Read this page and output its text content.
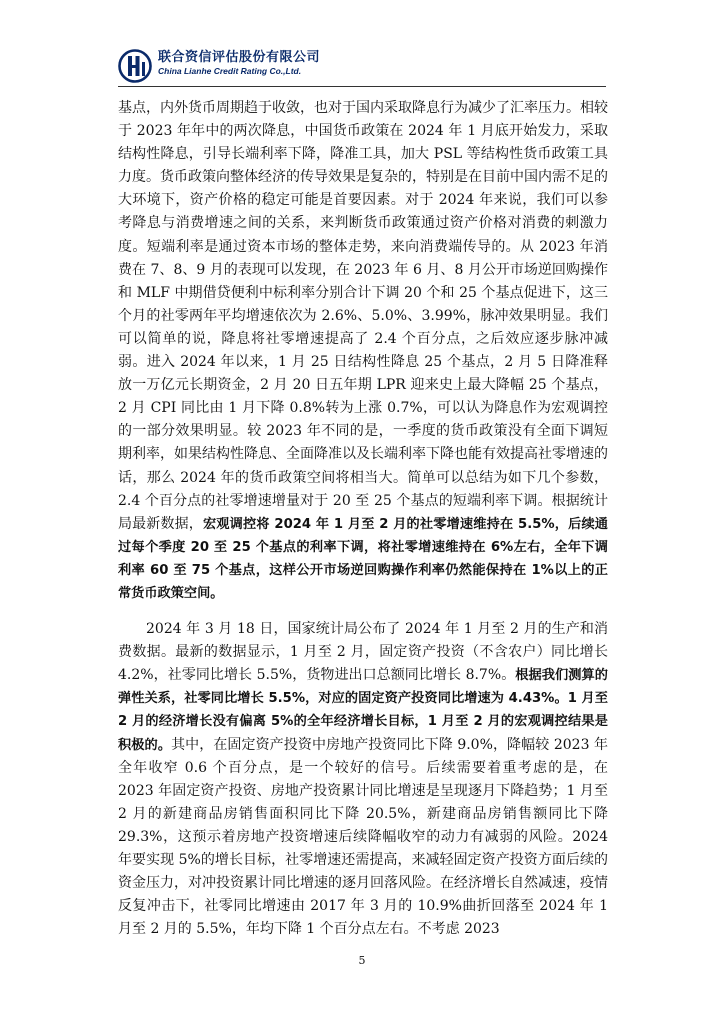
联合资信评估股份有限公司
China Lianhe Credit Rating Co.,Ltd.

基点，内外货币周期趋于收敛，也对于国内采取降息行为减少了汇率压力。相较于 2023 年年中的两次降息，中国货币政策在 2024 年 1 月底开始发力，采取结构性降息，引导长端利率下降，降准工具，加大 PSL 等结构性货币政策工具力度。货币政策向整体经济的传导效果是复杂的，特别是在目前中国内需不足的大环境下，资产价格的稳定可能是首要因素。对于 2024 年来说，我们可以参考降息与消费增速之间的关系，来判断货币政策通过资产价格对消费的刺激力度。短端利率是通过资本市场的整体走势，来向消费端传导的。从 2023 年消费在 7、8、9 月的表现可以发现，在 2023 年 6 月、8 月公开市场逆回购操作和 MLF 中期借贷便利中标利率分别合计下调 20 个和 25 个基点促进下，这三个月的社零两年平均增速依次为 2.6%、5.0%、3.99%，脉冲效果明显。我们可以简单的说，降息将社零增速提高了 2.4 个百分点，之后效应逐步脉冲减弱。进入 2024 年以来，1 月 25 日结构性降息 25 个基点，2 月 5 日降准释放一万亿元长期资金，2 月 20 日五年期 LPR 迎来史上最大降幅 25 个基点，2 月 CPI 同比由 1 月下降 0.8%转为上涨 0.7%，可以认为降息作为宏观调控的一部分效果明显。较 2023 年不同的是，一季度的货币政策没有全面下调短期利率，如果结构性降息、全面降准以及长端利率下降也能有效提高社零增速的话，那么 2024 年的货币政策空间将相当大。简单可以总结为如下几个参数，2.4 个百分点的社零增速增量对于 20 至 25 个基点的短端利率下调。根据统计局最新数据，宏观调控将 2024 年 1 月至 2 月的社零增速维持在 5.5%，后续通过每个季度 20 至 25 个基点的利率下调，将社零增速维持在 6%左右，全年下调利率 60 至 75 个基点，这样公开市场逆回购操作利率仍然能保持在 1%以上的正常货币政策空间。

2024 年 3 月 18 日，国家统计局公布了 2024 年 1 月至 2 月的生产和消费数据。最新的数据显示，1 月至 2 月，固定资产投资（不含农户）同比增长 4.2%，社零同比增长 5.5%，货物进出口总额同比增长 8.7%。根据我们测算的弹性关系，社零同比增长 5.5%，对应的固定资产投资同比增速为 4.43%。1 月至 2 月的经济增长没有偏离 5%的全年经济增长目标，1 月至 2 月的宏观调控结果是积极的。其中，在固定资产投资中房地产投资同比下降 9.0%，降幅较 2023 年全年收窄 0.6 个百分点，是一个较好的信号。后续需要着重考虑的是，在 2023 年固定资产投资、房地产投资累计同比增速是呈现逐月下降趋势；1 月至 2 月的新建商品房销售面积同比下降 20.5%，新建商品房销售额同比下降 29.3%，这预示着房地产投资增速后续降幅收窄的动力有减弱的风险。2024 年要实现 5%的增长目标，社零增速还需提高，来减轻固定资产投资方面后续的资金压力，对冲投资累计同比增速的逐月回落风险。在经济增长自然减速，疫情反复冲击下，社零同比增速由 2017 年 3 月的 10.9%曲折回落至 2024 年 1 月至 2 月的 5.5%，年均下降 1 个百分点左右。不考虑 2023

5
